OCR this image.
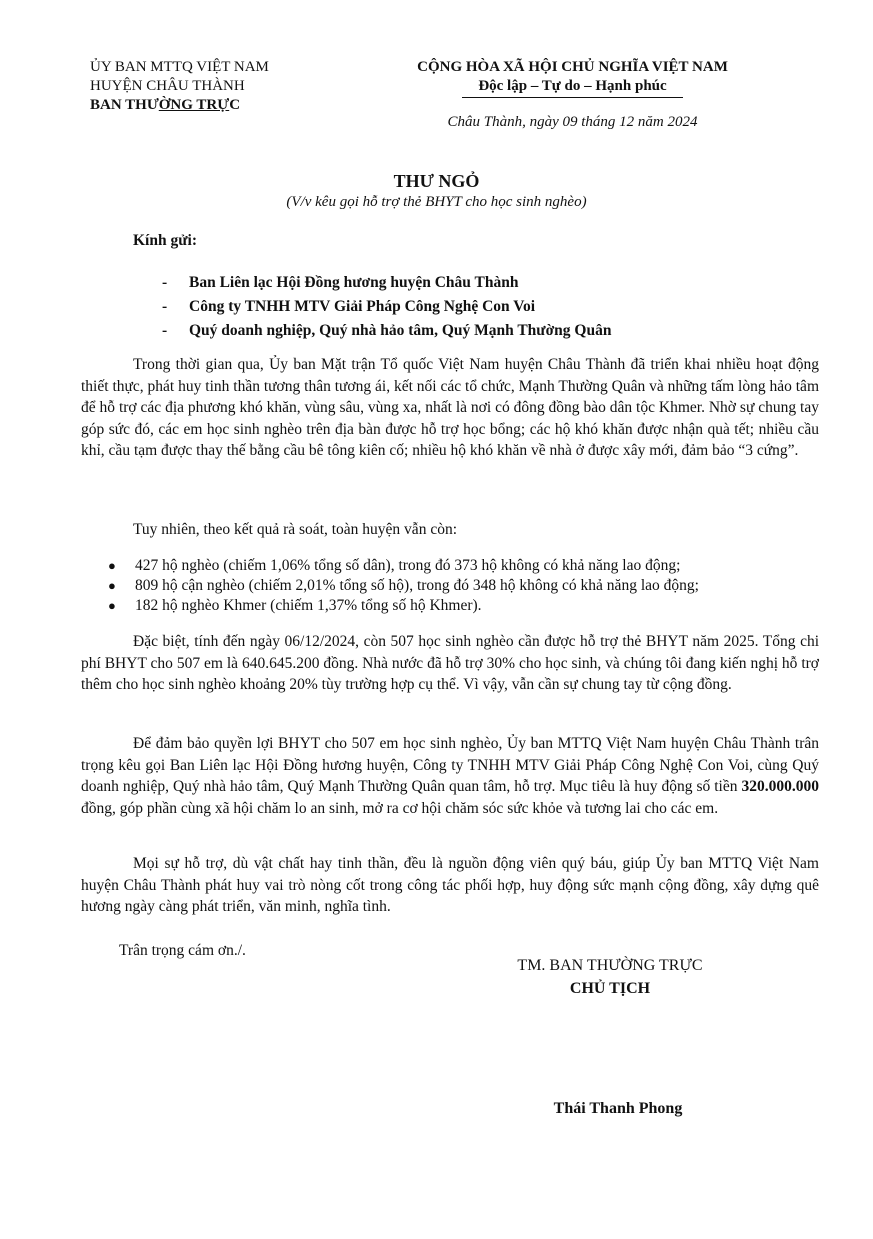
ỦY BAN MTTQ VIỆT NAM
HUYỆN CHÂU THÀNH
BAN THƯỜNG TRỰC
CỘNG HÒA XÃ HỘI CHỦ NGHĨA VIỆT NAM
Độc lập – Tự do – Hạnh phúc
Châu Thành, ngày 09 tháng 12 năm 2024
THƯ NGỎ
(V/v kêu gọi hỗ trợ thẻ BHYT cho học sinh nghèo)
Kính gửi:
- Ban Liên lạc Hội Đồng hương huyện Châu Thành
- Công ty TNHH MTV Giải Pháp Công Nghệ Con Voi
- Quý doanh nghiệp, Quý nhà hảo tâm, Quý Mạnh Thường Quân
Trong thời gian qua, Ủy ban Mặt trận Tổ quốc Việt Nam huyện Châu Thành đã triển khai nhiều hoạt động thiết thực, phát huy tinh thần tương thân tương ái, kết nối các tổ chức, Mạnh Thường Quân và những tấm lòng hảo tâm để hỗ trợ các địa phương khó khăn, vùng sâu, vùng xa, nhất là nơi có đông đồng bào dân tộc Khmer. Nhờ sự chung tay góp sức đó, các em học sinh nghèo trên địa bàn được hỗ trợ học bổng; các hộ khó khăn được nhận quà tết; nhiều cầu khỉ, cầu tạm được thay thế bằng cầu bê tông kiên cố; nhiều hộ khó khăn về nhà ở được xây mới, đảm bảo “3 cứng”.
Tuy nhiên, theo kết quả rà soát, toàn huyện vẫn còn:
● 427 hộ nghèo (chiếm 1,06% tổng số dân), trong đó 373 hộ không có khả năng lao động;
● 809 hộ cận nghèo (chiếm 2,01% tổng số hộ), trong đó 348 hộ không có khả năng lao động;
● 182 hộ nghèo Khmer (chiếm 1,37% tổng số hộ Khmer).
Đặc biệt, tính đến ngày 06/12/2024, còn 507 học sinh nghèo cần được hỗ trợ thẻ BHYT năm 2025. Tổng chi phí BHYT cho 507 em là 640.645.200 đồng. Nhà nước đã hỗ trợ 30% cho học sinh, và chúng tôi đang kiến nghị hỗ trợ thêm cho học sinh nghèo khoảng 20% tùy trường hợp cụ thể. Vì vậy, vẫn cần sự chung tay từ cộng đồng.
Để đảm bảo quyền lợi BHYT cho 507 em học sinh nghèo, Ủy ban MTTQ Việt Nam huyện Châu Thành trân trọng kêu gọi Ban Liên lạc Hội Đồng hương huyện, Công ty TNHH MTV Giải Pháp Công Nghệ Con Voi, cùng Quý doanh nghiệp, Quý nhà hảo tâm, Quý Mạnh Thường Quân quan tâm, hỗ trợ. Mục tiêu là huy động số tiền 320.000.000 đồng, góp phần cùng xã hội chăm lo an sinh, mở ra cơ hội chăm sóc sức khỏe và tương lai cho các em.
Mọi sự hỗ trợ, dù vật chất hay tinh thần, đều là nguồn động viên quý báu, giúp Ủy ban MTTQ Việt Nam huyện Châu Thành phát huy vai trò nòng cốt trong công tác phối hợp, huy động sức mạnh cộng đồng, xây dựng quê hương ngày càng phát triển, văn minh, nghĩa tình.
Trân trọng cám ơn./.
TM. BAN THƯỜNG TRỰC
CHỦ TỊCH
Thái Thanh Phong
